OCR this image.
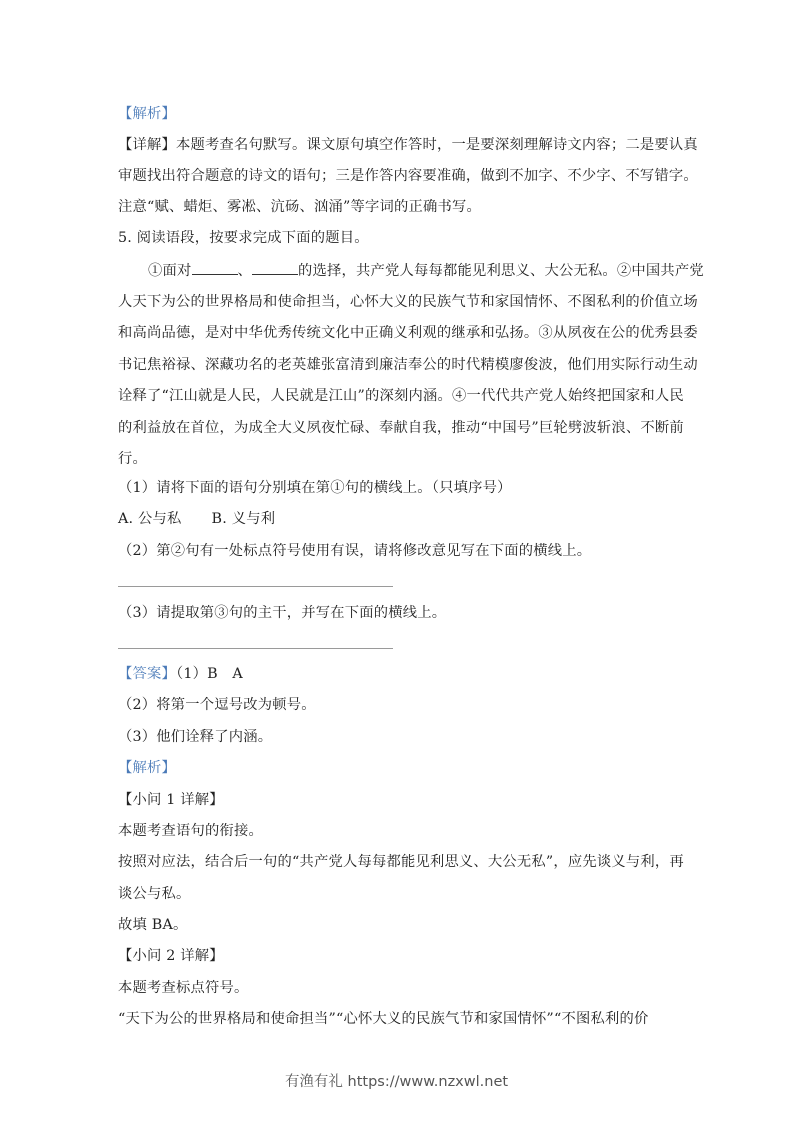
【解析】
【详解】本题考查名句默写。课文原句填空作答时，一是要深刻理解诗文内容；二是要认真
审题找出符合题意的诗文的语句；三是作答内容要准确，做到不加字、不少字、不写错字。
注意“赋、蜡炬、雾凇、沆砀、汹涌”等字词的正确书写。
5. 阅读语段，按要求完成下面的题目。
①面对	、	的选择，共产党人每每都能见利思义、大公无私。②中国共产党
人天下为公的世界格局和使命担当，心怀大义的民族气节和家国情怀、不图私利的价值立场
和高尚品德，是对中华优秀传统文化中正确义利观的继承和弘扬。③从夙夜在公的优秀县委
书记焦裕禄、深藏功名的老英雄张富清到廉洁奉公的时代精模廖俊波，他们用实际行动生动
诠释了“江山就是人民，人民就是江山”的深刻内涵。④一代代共产党人始终把国家和人民
的利益放在首位，为成全大义夙夜忙碌、奉献自我，推动“中国号”巨轮劈波斩浪、不断前
行。
（1）请将下面的语句分别填在第①句的横线上。（只填序号）
A. 公与私 B. 义与利
（2）第②句有一处标点符号使用有误，请将修改意见写在下面的横线上。
（3）请提取第③句的主干，并写在下面的横线上。
【答案】（1）B　A
（2）将第一个逗号改为顿号。
（3）他们诠释了内涵。
【解析】
【小问 1 详解】
本题考查语句的衔接。
按照对应法，结合后一句的“共产党人每每都能见利思义、大公无私”，应先谈义与利，再
谈公与私。
故填 BA。
【小问 2 详解】
本题考查标点符号。
“天下为公的世界格局和使命担当”“心怀大义的民族气节和家国情怀”“不图私利的价
有渔有礼 https://www.nzxwl.net
